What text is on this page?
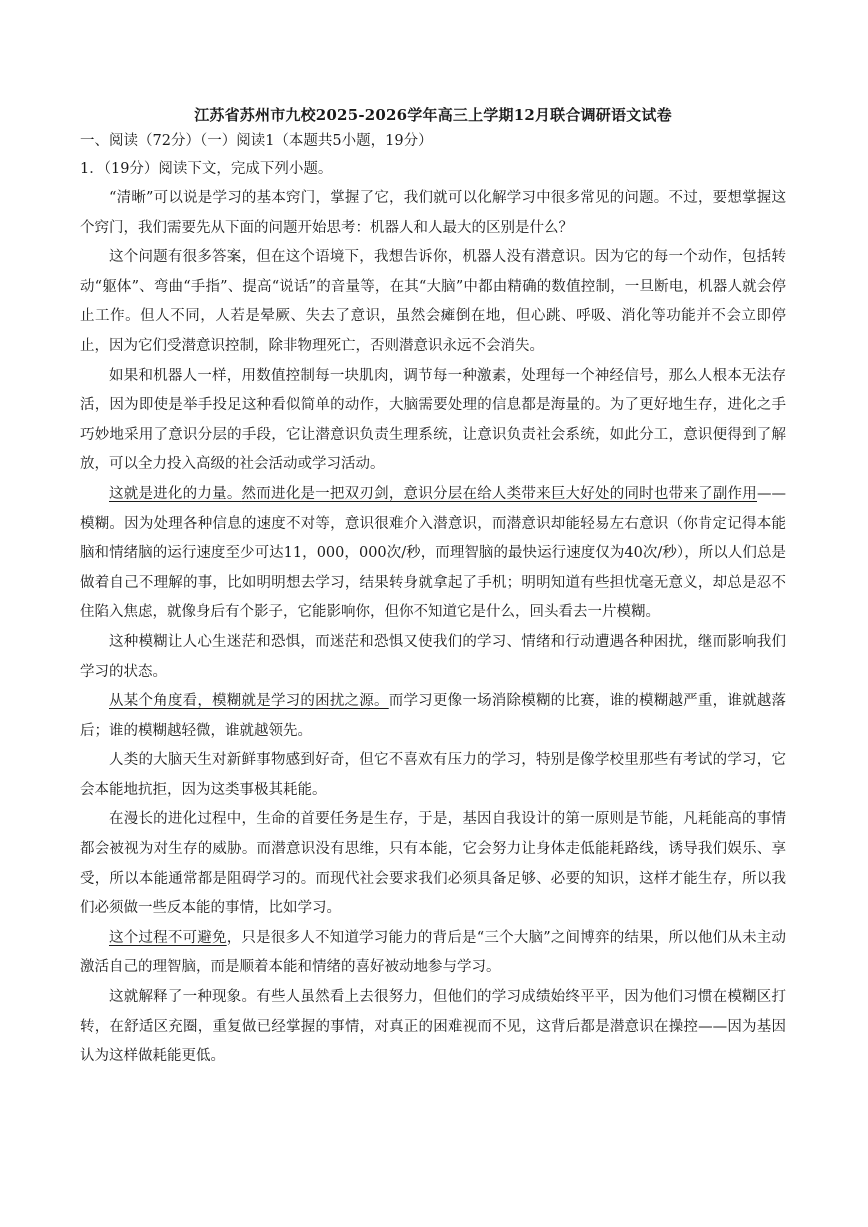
江苏省苏州市九校2025-2026学年高三上学期12月联合调研语文试卷

一、阅读（72分）（一）阅读1（本题共5小题，19分）

1．（19分）阅读下文，完成下列小题。

“清晰”可以说是学习的基本窍门，掌握了它，我们就可以化解学习中很多常见的问题。不过，要想掌握这个窍门，我们需要先从下面的问题开始思考：机器人和人最大的区别是什么？

这个问题有很多答案，但在这个语境下，我想告诉你，机器人没有潜意识。因为它的每一个动作，包括转动“躯体”、弯曲“手指”、提高“说话”的音量等，在其“大脑”中都由精确的数值控制，一旦断电，机器人就会停止工作。但人不同，人若是晕厥、失去了意识，虽然会瘫倒在地，但心跳、呼吸、消化等功能并不会立即停止，因为它们受潜意识控制，除非物理死亡，否则潜意识永远不会消失。

如果和机器人一样，用数值控制每一块肌肉，调节每一种激素，处理每一个神经信号，那么人根本无法存活，因为即使是举手投足这种看似简单的动作，大脑需要处理的信息都是海量的。为了更好地生存，进化之手巧妙地采用了意识分层的手段，它让潜意识负责生理系统，让意识负责社会系统，如此分工，意识便得到了解放，可以全力投入高级的社会活动或学习活动。

这就是进化的力量。然而进化是一把双刃剑，意识分层在给人类带来巨大好处的同时也带来了副作用——模糊。因为处理各种信息的速度不对等，意识很难介入潜意识，而潜意识却能轻易左右意识（你肯定记得本能脑和情绪脑的运行速度至少可达11，000，000次/秒，而理智脑的最快运行速度仅为40次/秒），所以人们总是做着自己不理解的事，比如明明想去学习，结果转身就拿起了手机；明明知道有些担忧毫无意义，却总是忍不住陷入焦虑，就像身后有个影子，它能影响你，但你不知道它是什么，回头看去一片模糊。

这种模糊让人心生迷茫和恐惧，而迷茫和恐惧又使我们的学习、情绪和行动遭遇各种困扰，继而影响我们学习的状态。

从某个角度看，模糊就是学习的困扰之源。而学习更像一场消除模糊的比赛，谁的模糊越严重，谁就越落后；谁的模糊越轻微，谁就越领先。

人类的大脑天生对新鲜事物感到好奇，但它不喜欢有压力的学习，特别是像学校里那些有考试的学习，它会本能地抗拒，因为这类事极其耗能。

在漫长的进化过程中，生命的首要任务是生存，于是，基因自我设计的第一原则是节能，凡耗能高的事情都会被视为对生存的威胁。而潜意识没有思维，只有本能，它会努力让身体走低能耗路线，诱导我们娱乐、享受，所以本能通常都是阻碍学习的。而现代社会要求我们必须具备足够、必要的知识，这样才能生存，所以我们必须做一些反本能的事情，比如学习。

这个过程不可避免，只是很多人不知道学习能力的背后是“三个大脑”之间博弈的结果，所以他们从未主动激活自己的理智脑，而是顺着本能和情绪的喜好被动地参与学习。

这就解释了一种现象。有些人虽然看上去很努力，但他们的学习成绩始终平平，因为他们习惯在模糊区打转，在舒适区充圈，重复做已经掌握的事情，对真正的困难视而不见，这背后都是潜意识在操控——因为基因认为这样做耗能更低。
